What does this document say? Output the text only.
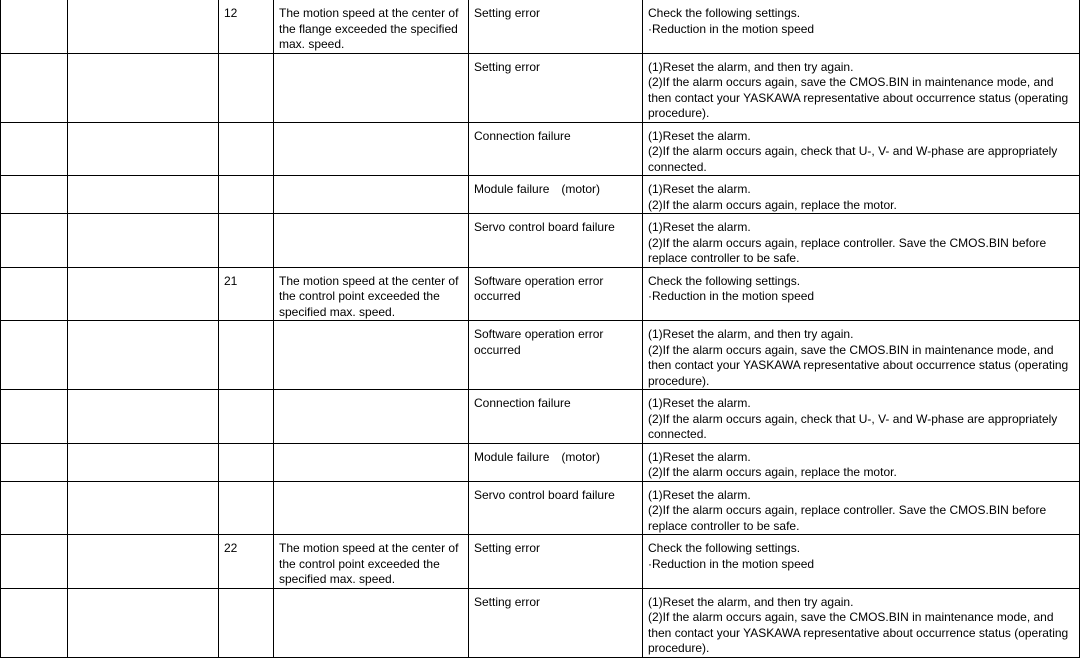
		12	The motion speed at the center of the flange exceeded the specified max. speed.	Setting error	Check the following settings.
·Reduction in the motion speed

				Setting error	(1)Reset the alarm, and then try again.
(2)If the alarm occurs again, save the CMOS.BIN in maintenance mode, and then contact your YASKAWA representative about occurrence status (operating procedure).

				Connection failure	(1)Reset the alarm.
(2)If the alarm occurs again, check that U-, V- and W-phase are appropriately connected.

				Module failure　(motor)	(1)Reset the alarm.
(2)If the alarm occurs again, replace the motor.

				Servo control board failure	(1)Reset the alarm.
(2)If the alarm occurs again, replace controller. Save the CMOS.BIN before replace controller to be safe.

		21	The motion speed at the center of the control point exceeded the specified max. speed.	Software operation error occurred	Check the following settings.
·Reduction in the motion speed

				Software operation error occurred	(1)Reset the alarm, and then try again.
(2)If the alarm occurs again, save the CMOS.BIN in maintenance mode, and then contact your YASKAWA representative about occurrence status (operating procedure).

				Connection failure	(1)Reset the alarm.
(2)If the alarm occurs again, check that U-, V- and W-phase are appropriately connected.

				Module failure　(motor)	(1)Reset the alarm.
(2)If the alarm occurs again, replace the motor.

				Servo control board failure	(1)Reset the alarm.
(2)If the alarm occurs again, replace controller. Save the CMOS.BIN before replace controller to be safe.

		22	The motion speed at the center of the control point exceeded the specified max. speed.	Setting error	Check the following settings.
·Reduction in the motion speed

				Setting error	(1)Reset the alarm, and then try again.
(2)If the alarm occurs again, save the CMOS.BIN in maintenance mode, and then contact your YASKAWA representative about occurrence status (operating procedure).
